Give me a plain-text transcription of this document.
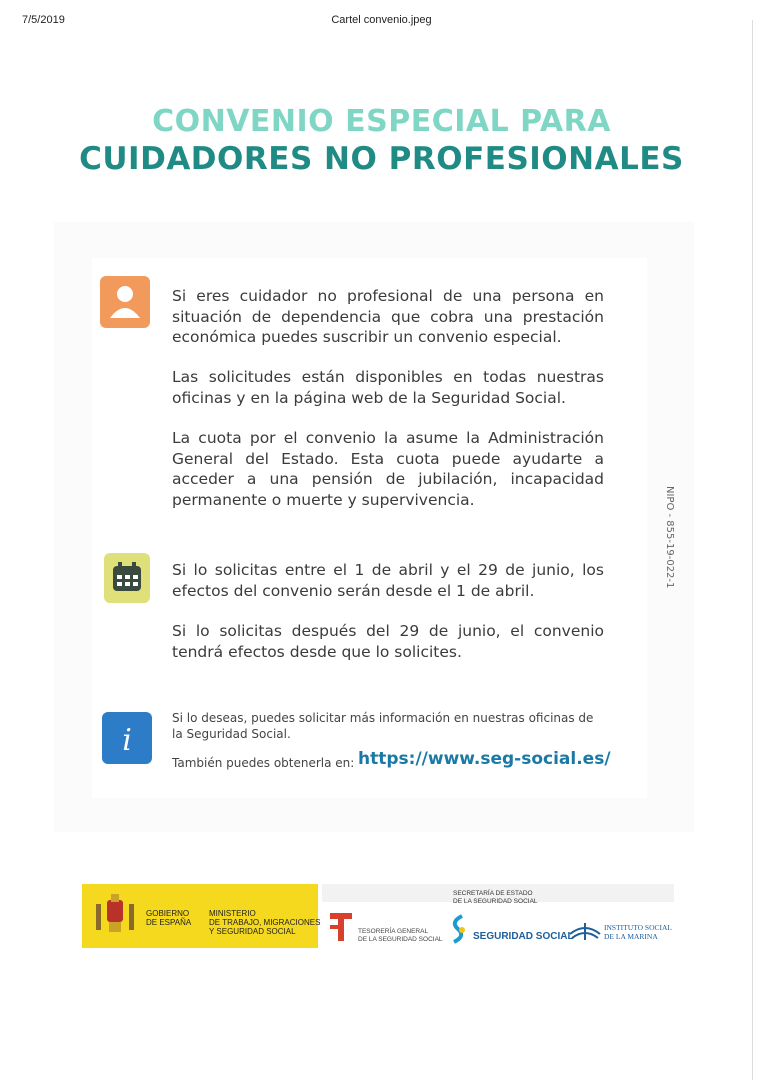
7/5/2019	Cartel convenio.jpeg
CONVENIO ESPECIAL PARA
CUIDADORES NO PROFESIONALES
Si eres cuidador no profesional de una persona en situación de dependencia que cobra una prestación económica puedes suscribir un convenio especial.
Las solicitudes están disponibles en todas nuestras oficinas y en la página web de la Seguridad Social.
La cuota por el convenio la asume la Administración General del Estado. Esta cuota puede ayudarte a acceder a una pensión de jubilación, incapacidad permanente o muerte y supervivencia.
Si lo solicitas entre el 1 de abril y el 29 de junio, los efectos del convenio serán desde el 1 de abril.
Si lo solicitas después del 29 de junio, el convenio tendrá efectos desde que lo solicites.
i
Si lo deseas, puedes solicitar más información en nuestras oficinas de la Seguridad Social.
También puedes obtenerla en: https://www.seg-social.es/
NIPO - 855-19-022-1
GOBIERNO
DE ESPAÑA
MINISTERIO
DE TRABAJO, MIGRACIONES
Y SEGURIDAD SOCIAL	TESORERÍA GENERAL
DE LA SEGURIDAD SOCIAL
SECRETARÍA DE ESTADO
DE LA SEGURIDAD SOCIAL
SEGURIDAD SOCIAL
INSTITUTO SOCIAL
DE LA MARINA
